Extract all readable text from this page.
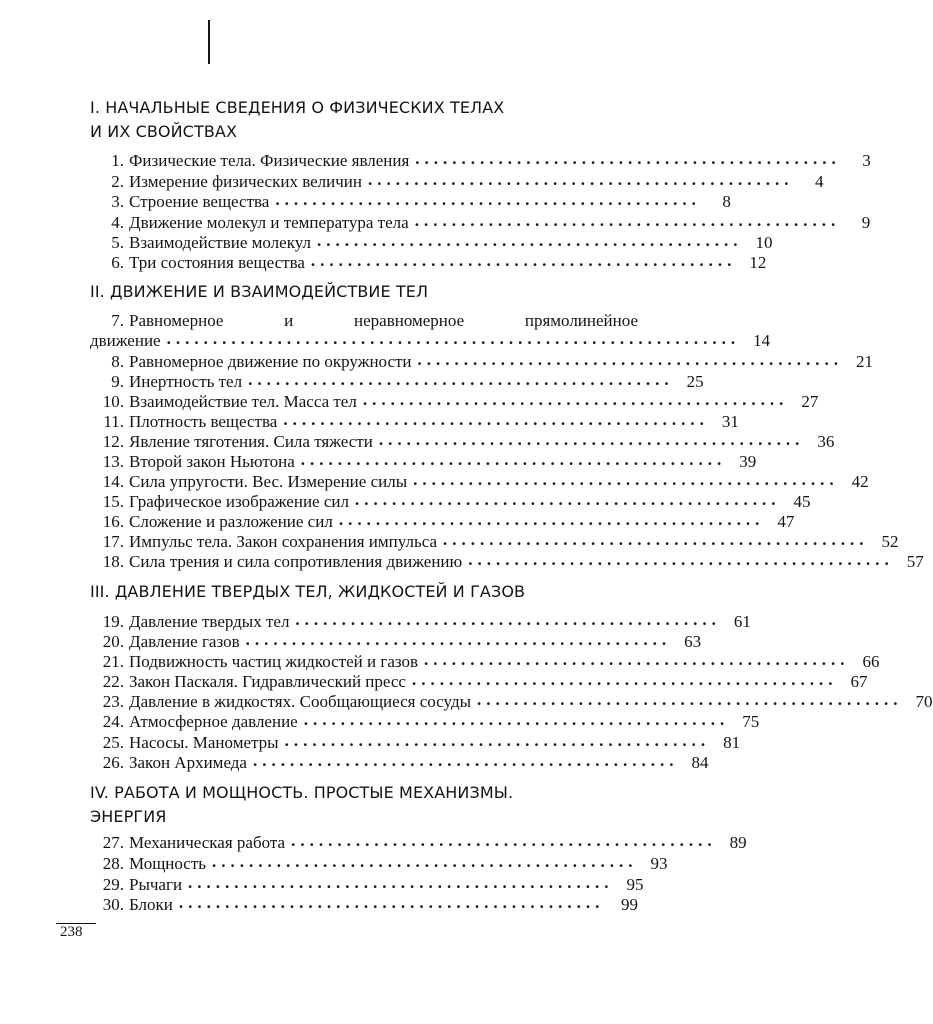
I. НАЧАЛЬНЫЕ СВЕДЕНИЯ О ФИЗИЧЕСКИХ ТЕЛАХ
И ИХ СВОЙСТВАХ
1. Физические тела. Физические явления ..............................................	3
2. Измерение физических величин ..............................................	4
3. Строение вещества ..............................................	8
4. Движение молекул и температура тела ..............................................	9
5. Взаимодействие молекул .............................................. 10
6. Три состояния вещества .............................................. 12
II. ДВИЖЕНИЕ И ВЗАИМОДЕЙСТВИЕ ТЕЛ
7. Равномерное и неравномерное прямолинейное
движение .............................................................. 14
8. Равномерное движение по окружности .............................................. 21
9. Инертность тел .............................................. 25
10. Взаимодействие тел. Масса тел .............................................. 27
11. Плотность вещества .............................................. 31
12. Явление тяготения. Сила тяжести .............................................. 36
13. Второй закон Ньютона .............................................. 39
14. Сила упругости. Вес. Измерение силы .............................................. 42
15. Графическое изображение сил .............................................. 45
16. Сложение и разложение сил .............................................. 47
17. Импульс тела. Закон сохранения импульса .............................................. 52
18. Сила трения и сила сопротивления движению .............................................. 57
III. ДАВЛЕНИЕ ТВЕРДЫХ ТЕЛ, ЖИДКОСТЕЙ И ГАЗОВ
19. Давление твердых тел .............................................. 61
20. Давление газов .............................................. 63
21. Подвижность частиц жидкостей и газов .............................................. 66
22. Закон Паскаля. Гидравлический пресс .............................................. 67
23. Давление в жидкостях. Сообщающиеся сосуды .............................................. 70
24. Атмосферное давление .............................................. 75
25. Насосы. Манометры .............................................. 81
26. Закон Архимеда .............................................. 84
IV. РАБОТА И МОЩНОСТЬ. ПРОСТЫЕ МЕХАНИЗМЫ.
ЭНЕРГИЯ
27. Механическая работа .............................................. 89
28. Мощность .............................................. 93
29. Рычаги .............................................. 95
30. Блоки .............................................. 99
238
